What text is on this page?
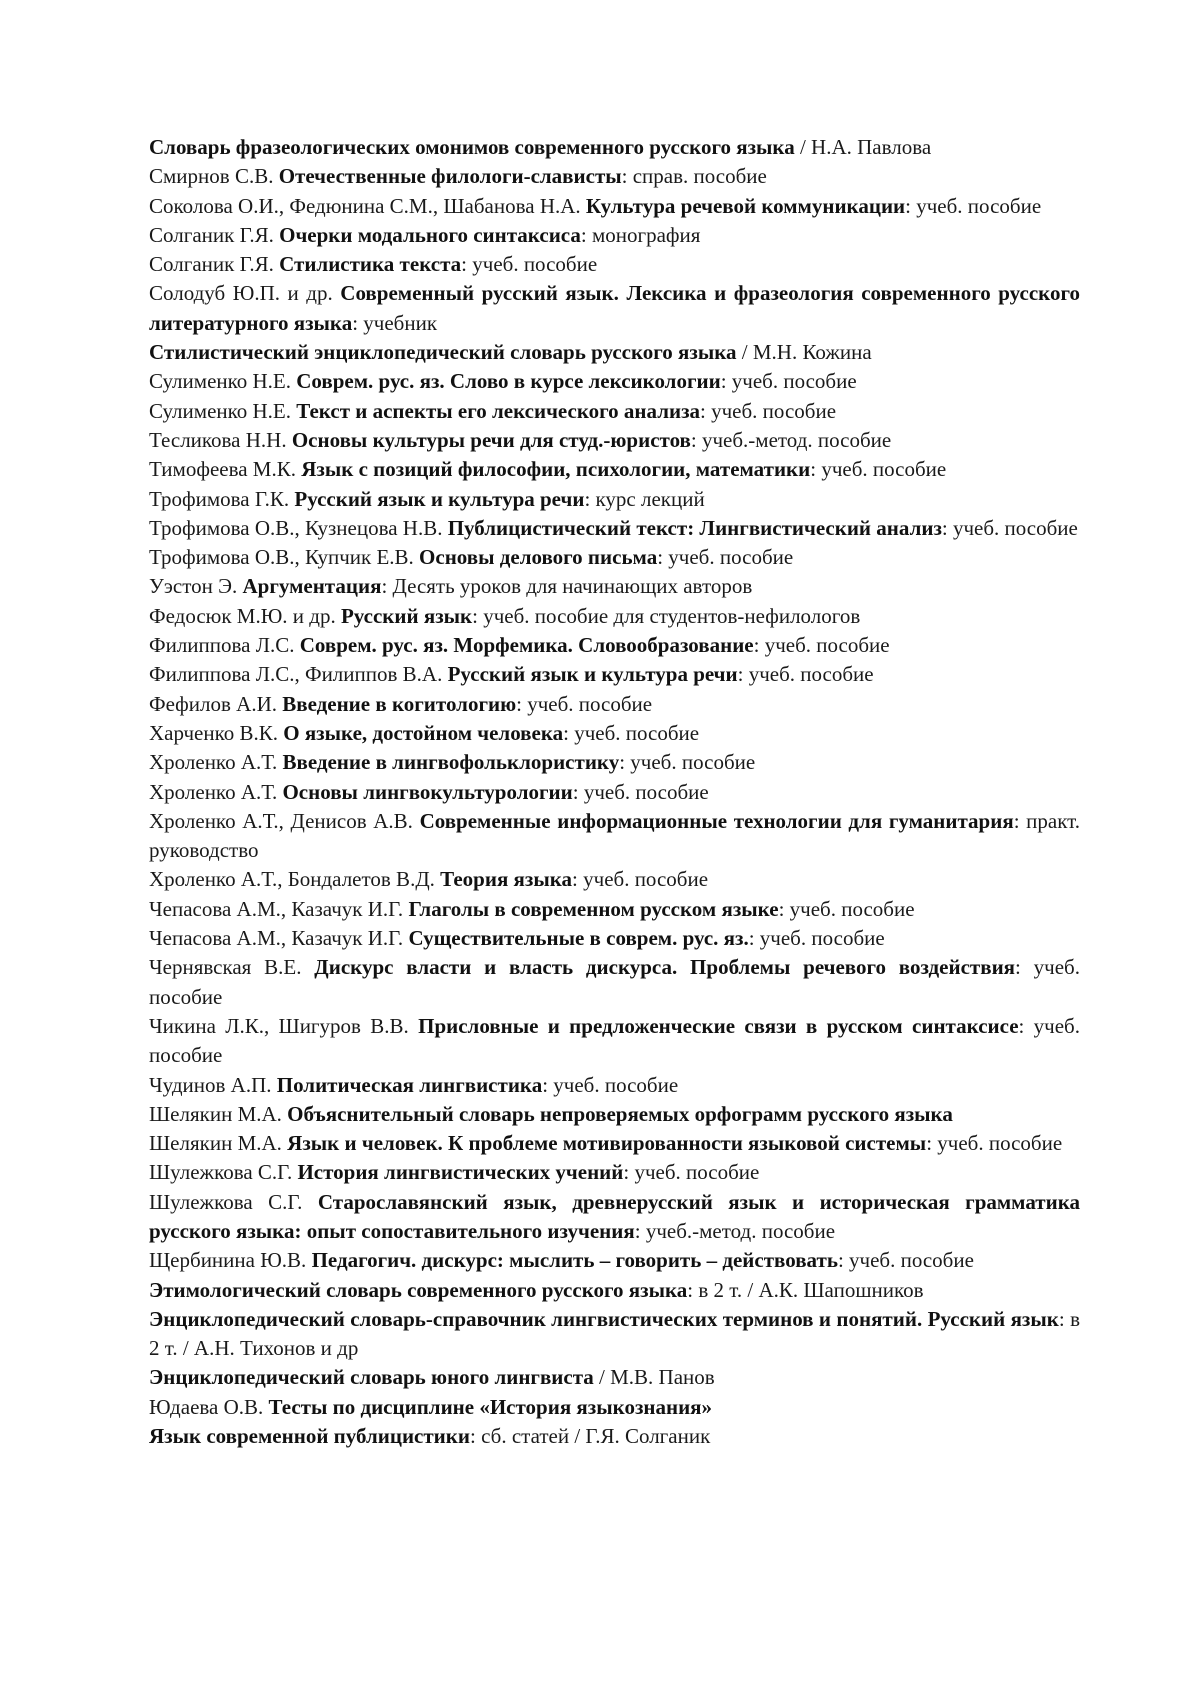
Словарь фразеологических омонимов современного русского языка / Н.А. Павлова

Смирнов С.В. Отечественные филологи-слависты: справ. пособие

Соколова О.И., Федюнина С.М., Шабанова Н.А. Культура речевой коммуникации: учеб. пособие

Солганик Г.Я. Очерки модального синтаксиса: монография

Солганик Г.Я. Стилистика текста: учеб. пособие

Солодуб Ю.П. и др. Современный русский язык. Лексика и фразеология современного русского литературного языка: учебник

Стилистический энциклопедический словарь русского языка / М.Н. Кожина

Сулименко Н.Е. Соврем. рус. яз. Слово в курсе лексикологии: учеб. пособие

Сулименко Н.Е. Текст и аспекты его лексического анализа: учеб. пособие

Тесликова Н.Н. Основы культуры речи для студ.-юристов: учеб.-метод. пособие

Тимофеева М.К. Язык с позиций философии, психологии, математики: учеб. пособие

Трофимова Г.К. Русский язык и культура речи: курс лекций

Трофимова О.В., Кузнецова Н.В. Публицистический текст: Лингвистический анализ: учеб. пособие

Трофимова О.В., Купчик Е.В. Основы делового письма: учеб. пособие

Уэстон Э. Аргументация: Десять уроков для начинающих авторов

Федосюк М.Ю. и др. Русский язык: учеб. пособие для студентов-нефилологов

Филиппова Л.С. Соврем. рус. яз. Морфемика. Словообразование: учеб. пособие

Филиппова Л.С., Филиппов В.А. Русский язык и культура речи: учеб. пособие

Фефилов А.И. Введение в когитологию: учеб. пособие

Харченко В.К. О языке, достойном человека: учеб. пособие

Хроленко А.Т. Введение в лингвофольклористику: учеб. пособие

Хроленко А.Т. Основы лингвокультурологии: учеб. пособие

Хроленко А.Т., Денисов А.В. Современные информационные технологии для гуманитария: практ. руководство

Хроленко А.Т., Бондалетов В.Д. Теория языка: учеб. пособие

Чепасова А.М., Казачук И.Г. Глаголы в современном русском языке: учеб. пособие

Чепасова А.М., Казачук И.Г. Существительные в соврем. рус. яз.: учеб. пособие

Чернявская В.Е. Дискурс власти и власть дискурса. Проблемы речевого воздействия: учеб. пособие

Чикина Л.К., Шигуров В.В. Присловные и предложенческие связи в русском синтаксисе: учеб. пособие

Чудинов А.П. Политическая лингвистика: учеб. пособие

Шелякин М.А. Объяснительный словарь непроверяемых орфограмм русского языка

Шелякин М.А. Язык и человек. К проблеме мотивированности языковой системы: учеб. пособие

Шулежкова С.Г. История лингвистических учений: учеб. пособие

Шулежкова С.Г. Старославянский язык, древнерусский язык и историческая грамматика русского языка: опыт сопоставительного изучения: учеб.-метод. пособие

Щербинина Ю.В. Педагогич. дискурс: мыслить – говорить – действовать: учеб. пособие

Этимологический словарь современного русского языка: в 2 т. / А.К. Шапошников

Энциклопедический словарь-справочник лингвистических терминов и понятий. Русский язык: в 2 т. / А.Н. Тихонов и др

Энциклопедический словарь юного лингвиста / М.В. Панов

Юдаева О.В. Тесты по дисциплине «История языкознания»

Язык современной публицистики: сб. статей / Г.Я. Солганик
